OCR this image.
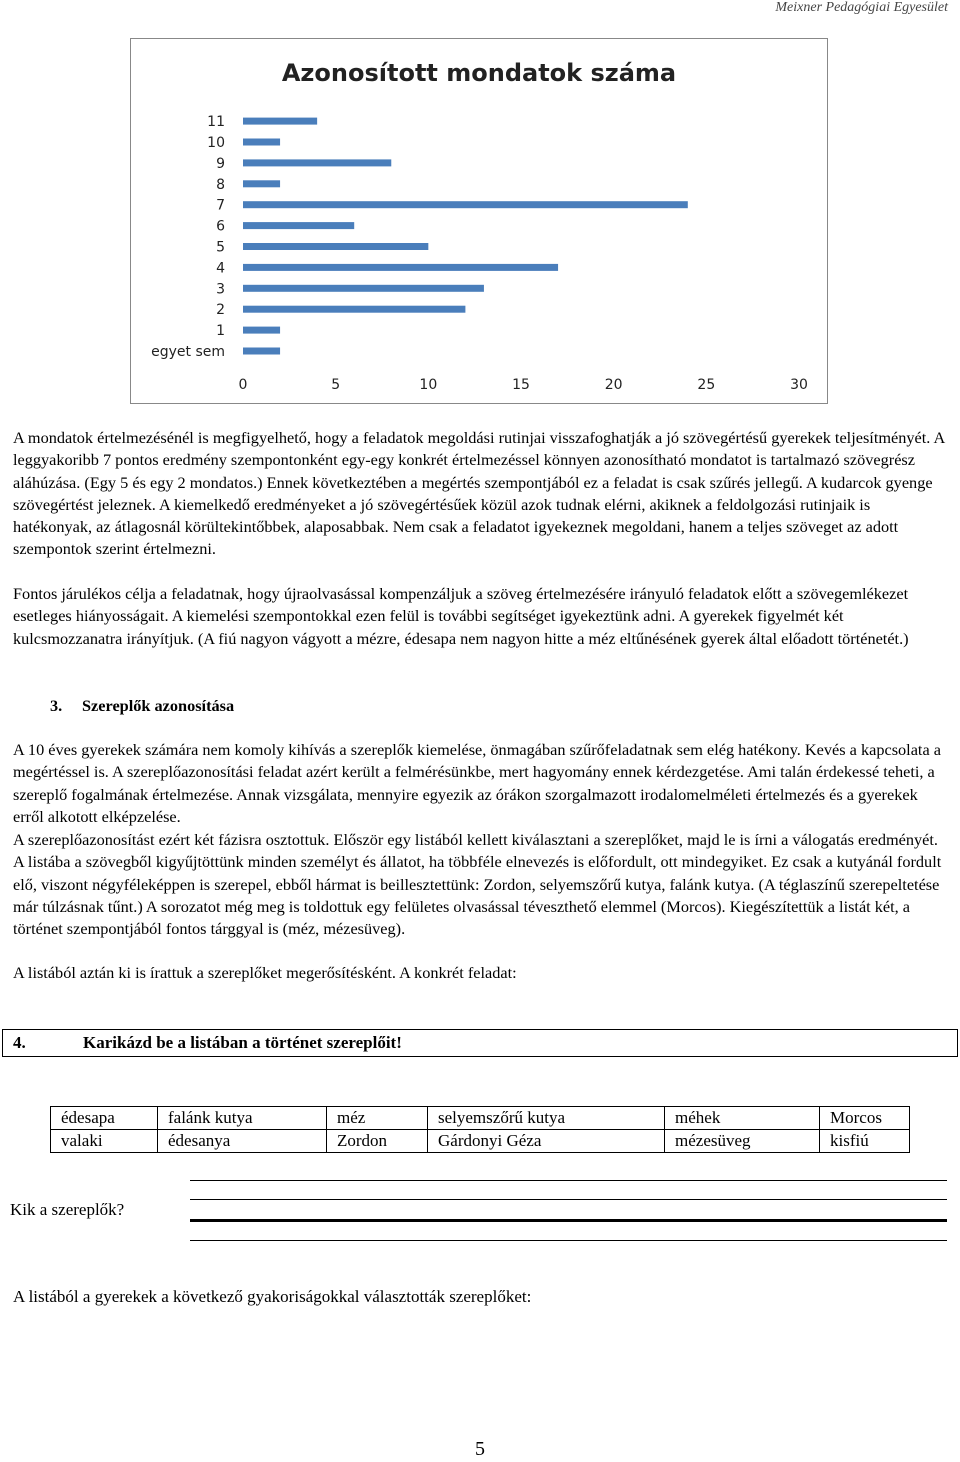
Meixner Pedagógiai Egyesület
Azonosított mondatok száma
egyet sem
1
2
3
4
5
6
7
8
9
10
11
0	5	10	15	20	25	30

A mondatok értelmezésénél is megfigyelhető, hogy a feladatok megoldási rutinjai visszafoghatják a jó szövegértésű gyerekek teljesítményét. A leggyakoribb 7 pontos eredmény szempontonként egy-egy konkrét értelmezéssel könnyen azonosítható mondatot is tartalmazó szövegrész aláhúzása. (Egy 5 és egy 2 mondatos.) Ennek következtében a megértés szempontjából ez a feladat is csak szűrés jellegű. A kudarcok gyenge szövegértést jeleznek. A kiemelkedő eredményeket a jó szövegértésűek közül azok tudnak elérni, akiknek a feldolgozási rutinjaik is hatékonyak, az átlagosnál körültekintőbbek, alaposabbak. Nem csak a feladatot igyekeznek megoldani, hanem a teljes szöveget az adott szempontok szerint értelmezni.

Fontos járulékos célja a feladatnak, hogy újraolvasással kompenzáljuk a szöveg értelmezésére irányuló feladatok előtt a szövegemlékezet esetleges hiányosságait. A kiemelési szempontokkal ezen felül is további segítséget igyekeztünk adni. A gyerekek figyelmét két kulcsmozzanatra irányítjuk. (A fiú nagyon vágyott a mézre, édesapa nem nagyon hitte a méz eltűnésének gyerek által előadott történetét.)

3. Szereplők azonosítása

A 10 éves gyerekek számára nem komoly kihívás a szereplők kiemelése, önmagában szűrőfeladatnak sem elég hatékony. Kevés a kapcsolata a megértéssel is. A szereplőazonosítási feladat azért került a felmérésünkbe, mert hagyomány ennek kérdezgetése. Ami talán érdekessé teheti, a szereplő fogalmának értelmezése. Annak vizsgálata, mennyire egyezik az órákon szorgalmazott irodalomelméleti értelmezés és a gyerekek erről alkotott elképzelése.

A szereplőazonosítást ezért két fázisra osztottuk. Először egy listából kellett kiválasztani a szereplőket, majd le is írni a válogatás eredményét. A listába a szövegből kigyűjtöttünk minden személyt és állatot, ha többféle elnevezés is előfordult, ott mindegyiket. Ez csak a kutyánál fordult elő, viszont négyféleképpen is szerepel, ebből hármat is beillesztettünk: Zordon, selyemszőrű kutya, falánk kutya. (A téglaszínű szerepeltetése már túlzásnak tűnt.) A sorozatot még meg is toldottuk egy felületes olvasással téveszthető elemmel (Morcos). Kiegészítettük a listát két, a történet szempontjából fontos tárggyal is (méz, mézesüveg).

A listából aztán ki is írattuk a szereplőket megerősítésként. A konkrét feladat:

4.	Karikázd be a listában a történet szereplőit!
édesapa	falánk kutya	méz	selyemszőrű kutya	méhek	Morcos
valaki	édesanya	Zordon	Gárdonyi Géza	mézesüveg	kisfiú
Kik a szereplők?
A listából a gyerekek a következő gyakoriságokkal választották szereplőket:
5
